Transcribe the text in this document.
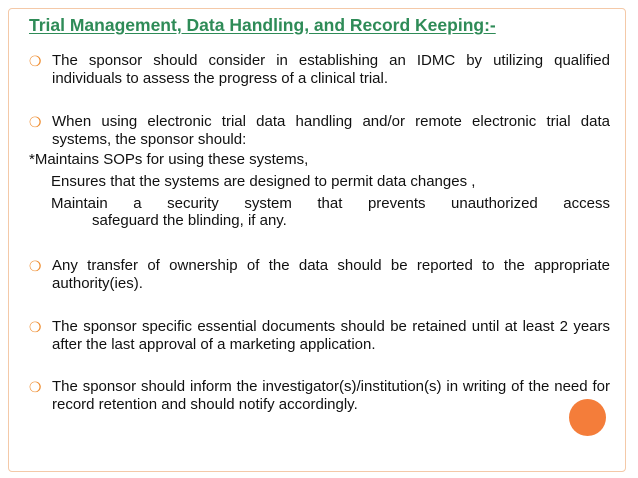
Trial Management, Data Handling, and Record Keeping:-
❍ The sponsor should consider in establishing an IDMC by utilizing qualified individuals to assess the progress of a clinical trial.
❍ When using electronic trial data handling and/or remote electronic trial data systems, the sponsor should:
*Maintains SOPs for using these systems,
Ensures that the systems are designed to permit data changes ,
Maintain a security system that prevents unauthorized access
safeguard the blinding, if any.
❍ Any transfer of ownership of the data should be reported to the appropriate authority(ies).
❍ The sponsor specific essential documents should be retained until at least 2 years after the last approval of a marketing application.
❍ The sponsor should inform the investigator(s)/institution(s) in writing of the need for record retention and should notify accordingly.
